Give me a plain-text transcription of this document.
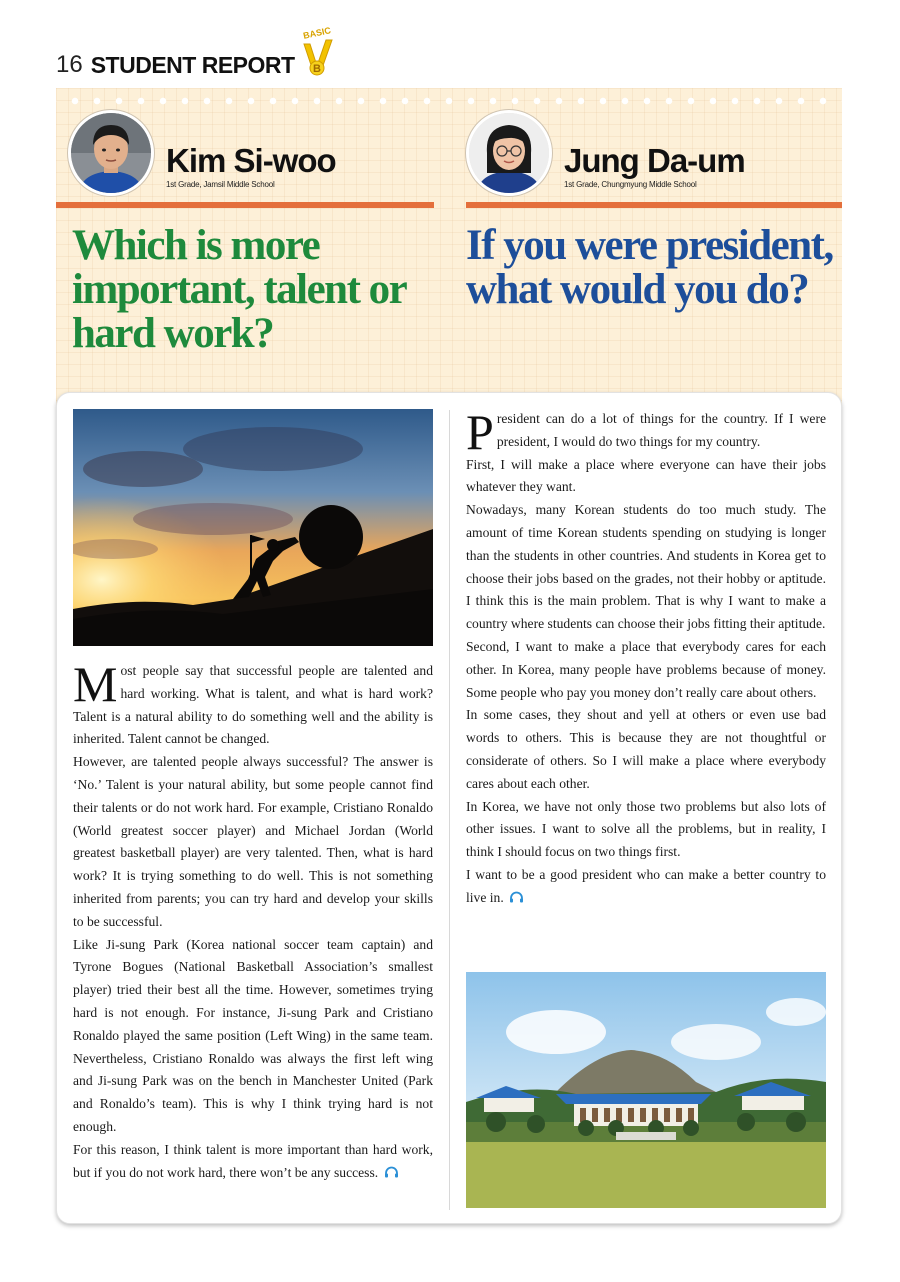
16 STUDENT REPORT
BASIC
B
Kim Si-woo
1st Grade, Jamsil Middle School
Jung Da-um
1st Grade, Chungmyung Middle School
Which is more important, talent or hard work?
If you were president, what would you do?

Most people say that successful people are talented and hard working. What is talent, and what is hard work? Talent is a natural ability to do something well and the ability is inherited. Talent cannot be changed.

However, are talented people always successful? The answer is ‘No.’ Talent is your natural ability, but some people cannot find their talents or do not work hard. For example, Cristiano Ronaldo (World greatest soccer player) and Michael Jordan (World greatest basketball player) are very talented. Then, what is hard work? It is trying something to do well. This is not something inherited from parents; you can try hard and develop your skills to be successful.

Like Ji-sung Park (Korea national soccer team captain) and Tyrone Bogues (National Basketball Association’s smallest player) tried their best all the time. However, sometimes trying hard is not enough. For instance, Ji-sung Park and Cristiano Ronaldo played the same position (Left Wing) in the same team. Nevertheless, Cristiano Ronaldo was always the first left wing and Ji-sung Park was on the bench in Manchester United (Park and Ronaldo’s team). This is why I think trying hard is not enough.

For this reason, I think talent is more important than hard work, but if you do not work hard, there won’t be any success.

President can do a lot of things for the country. If I were president, I would do two things for my country.

First, I will make a place where everyone can have their jobs whatever they want.

Nowadays, many Korean students do too much study. The amount of time Korean students spending on studying is longer than the students in other countries. And students in Korea get to choose their jobs based on the grades, not their hobby or aptitude. I think this is the main problem. That is why I want to make a country where students can choose their jobs fitting their aptitude.

Second, I want to make a place that everybody cares for each other. In Korea, many people have problems because of money. Some people who pay you money don’t really care about others.

In some cases, they shout and yell at others or even use bad words to others. This is because they are not thoughtful or considerate of others. So I will make a place where everybody cares about each other.

In Korea, we have not only those two problems but also lots of other issues. I want to solve all the problems, but in reality, I think I should focus on two things first.

I want to be a good president who can make a better country to live in.
